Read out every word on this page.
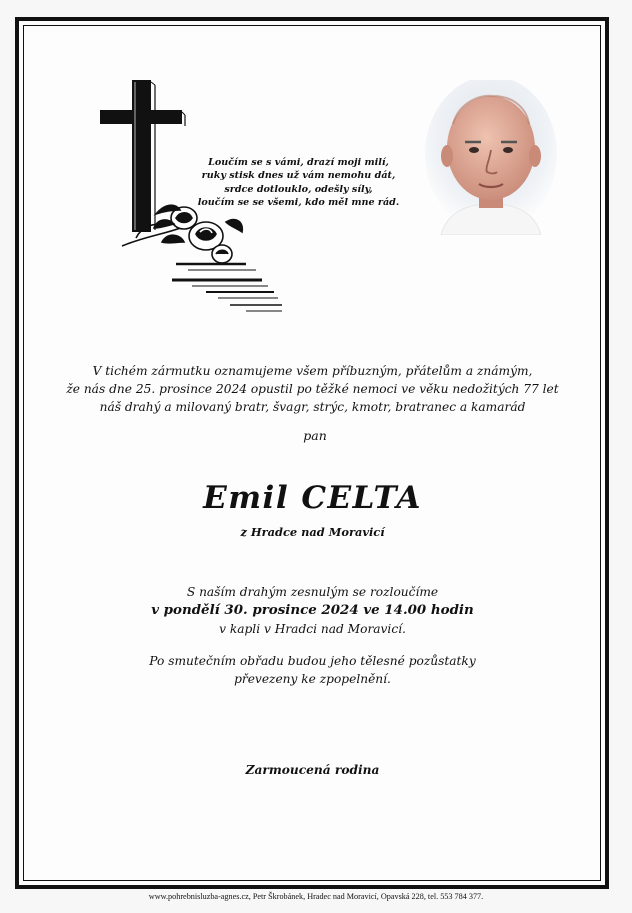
Loučím se s vámi, drazí moji milí,
ruky stisk dnes už vám nemohu dát,
srdce dotlouklo, odešly síly,
loučím se se všemi, kdo měl mne rád.
V tichém zármutku oznamujeme všem příbuzným, přátelům a známým,
že nás dne 25. prosince 2024 opustil po těžké nemoci ve věku nedožitých 77 let
náš drahý a milovaný bratr, švagr, strýc, kmotr, bratranec a kamarád
pan
Emil CELTA
z Hradce nad Moravicí
S naším drahým zesnulým se rozloučíme
v pondělí 30. prosince 2024 ve 14.00 hodin
v kapli v Hradci nad Moravicí.
Po smutečním obřadu budou jeho tělesné pozůstatky
převezeny ke zpopelnění.
Zarmoucená rodina
www.pohrebnisluzba-agnes.cz, Petr Škrobánek, Hradec nad Moravicí, Opavská 228, tel. 553 784 377.
